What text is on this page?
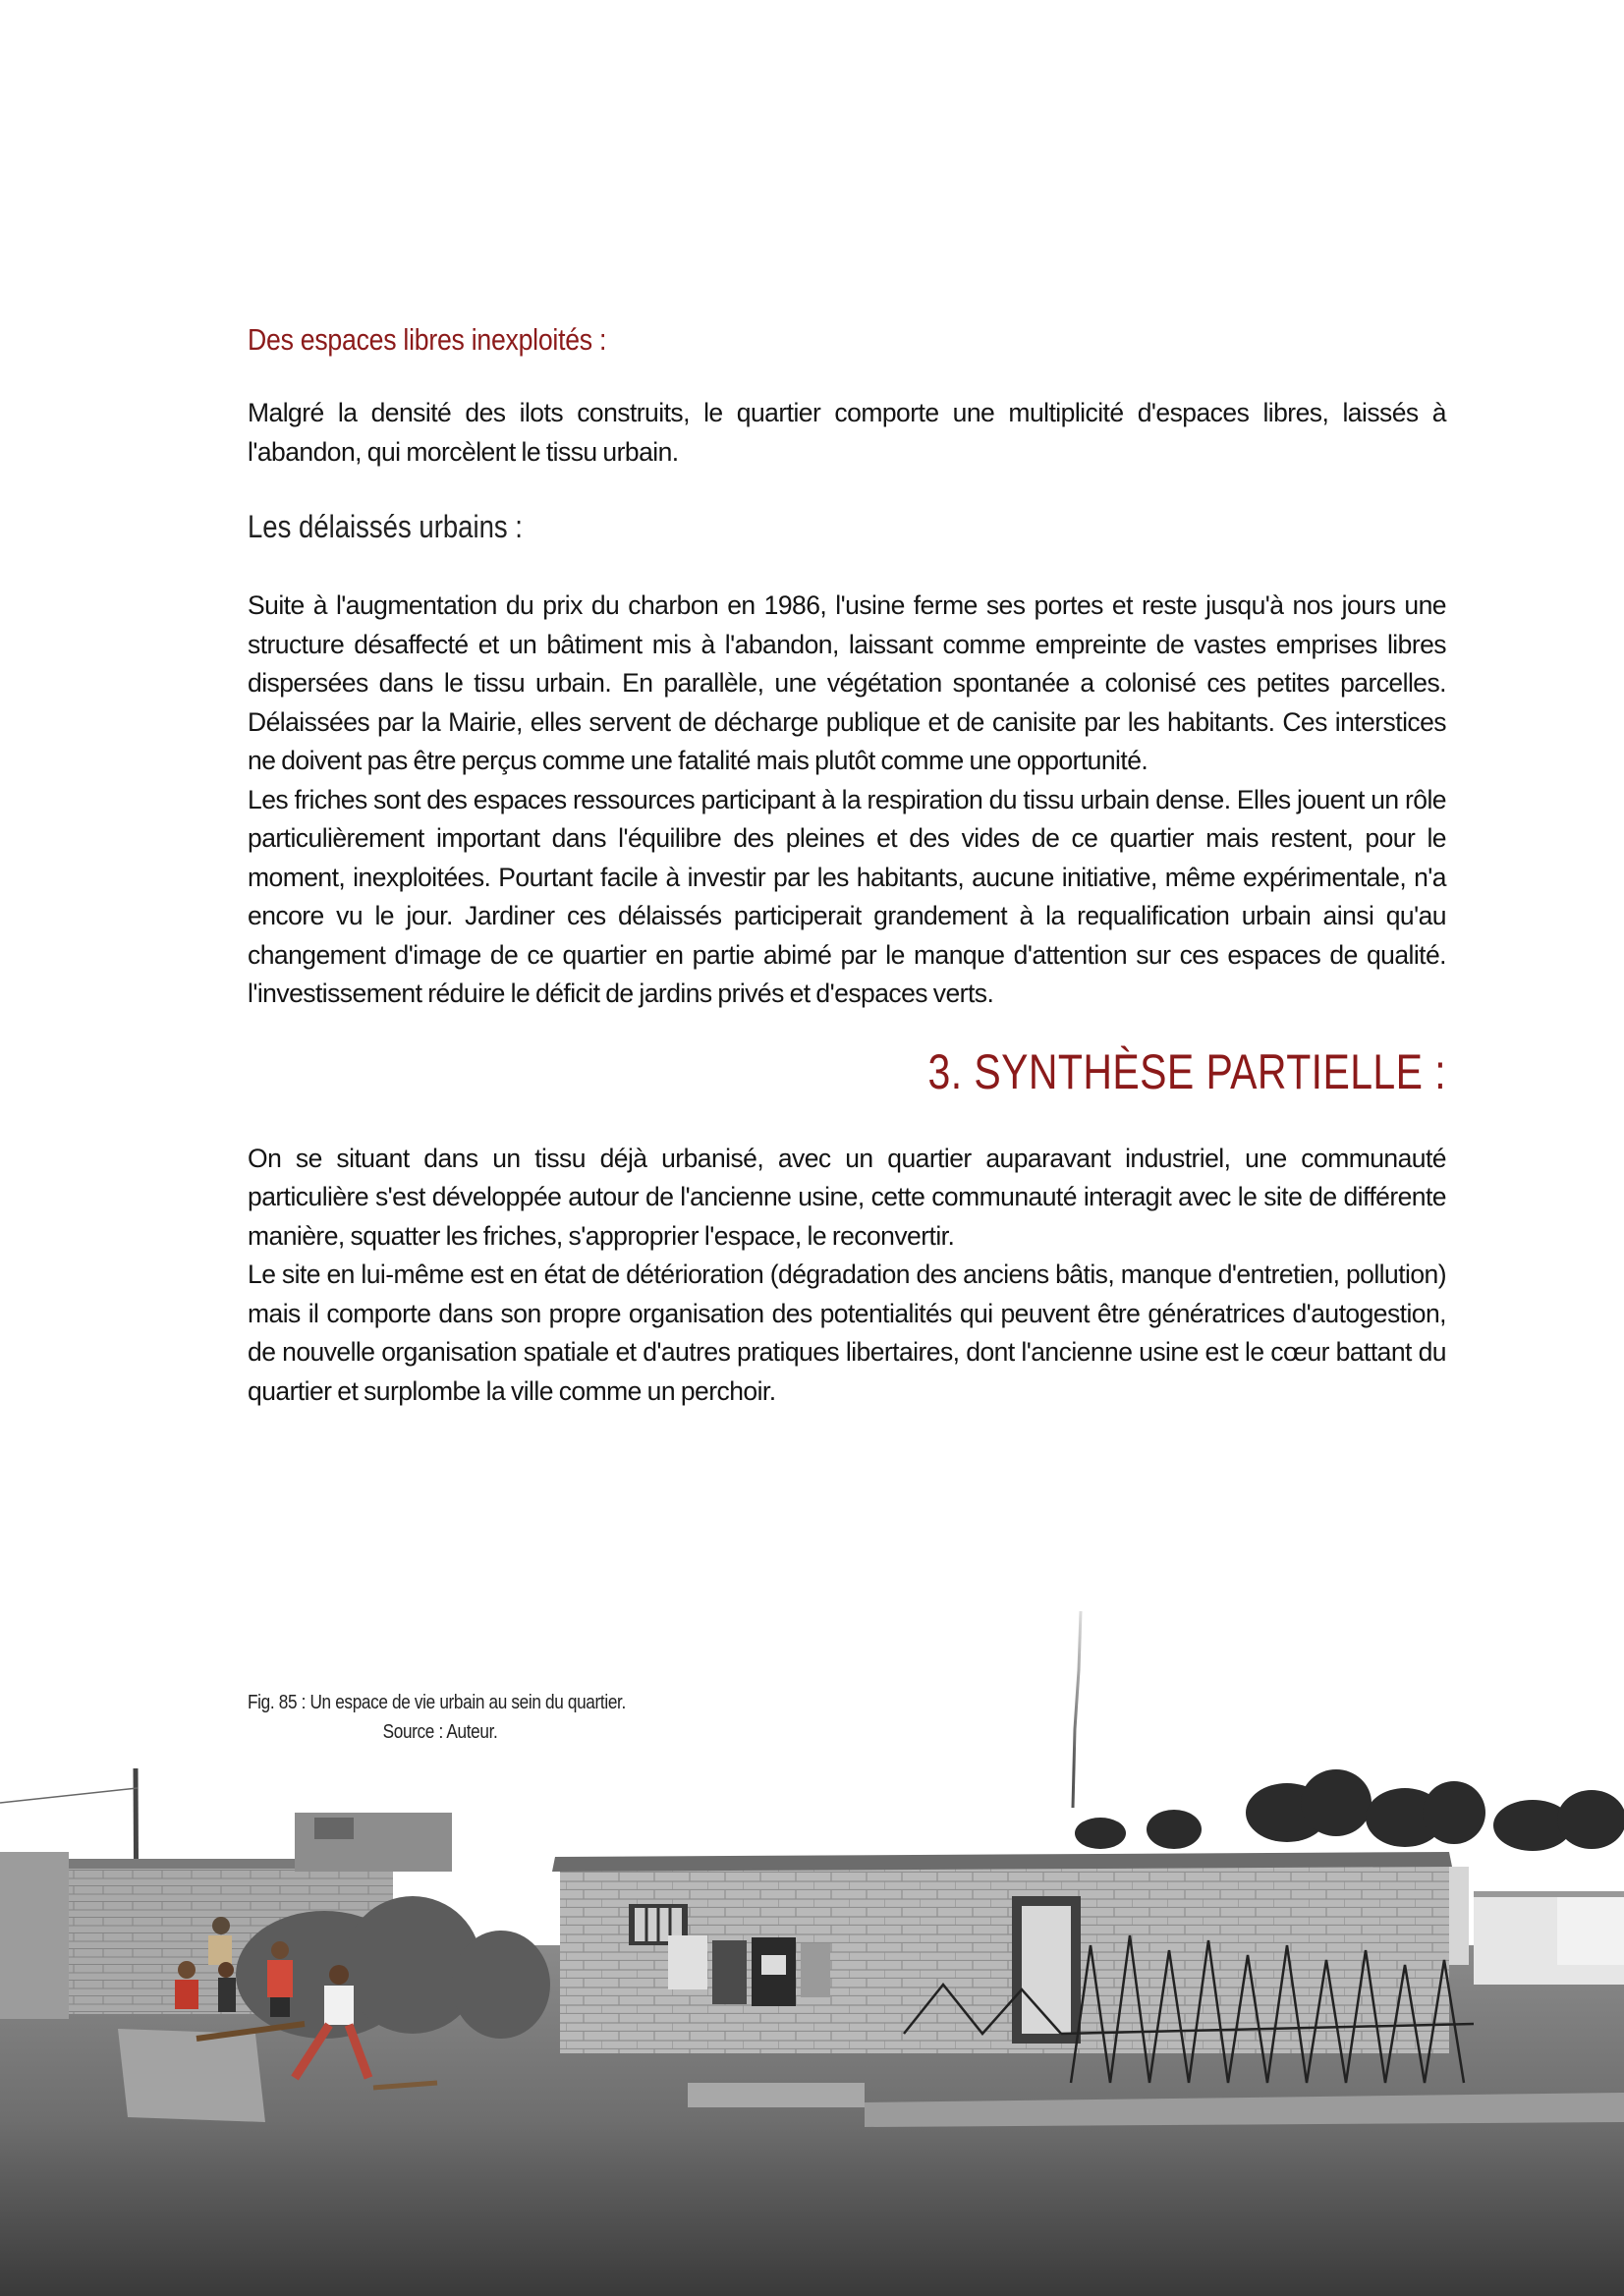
Des espaces libres inexploités :

Malgré la densité des ilots construits, le quartier comporte une multiplicité d'espaces libres, laissés à l'abandon, qui morcèlent le tissu urbain.

Les délaissés urbains :

Suite à l'augmentation du prix du charbon en 1986, l'usine ferme ses portes et reste jusqu'à nos jours une structure désaffecté et un bâtiment mis à l'abandon, laissant comme empreinte de vastes emprises libres dispersées dans le tissu urbain. En parallèle, une végétation spontanée a colonisé ces petites parcelles. Délaissées par la Mairie, elles servent de décharge publique et de canisite par les habitants. Ces interstices ne doivent pas être perçus comme une fatalité mais plutôt comme une opportunité.

Les friches sont des espaces ressources participant à la respiration du tissu urbain dense. Elles jouent un rôle particulièrement important dans l'équilibre des pleines et des vides de ce quartier mais restent, pour le moment, inexploitées. Pourtant facile à investir par les habitants, aucune initiative, même expérimentale, n'a encore vu le jour. Jardiner ces délaissés participerait grandement à la requalification urbain ainsi qu'au changement d'image de ce quartier en partie abimé par le manque d'attention sur ces espaces de qualité. l'investissement réduire le déficit de jardins privés et d'espaces verts.

3. SYNTHÈSE PARTIELLE :

On se situant dans un tissu déjà urbanisé, avec un quartier auparavant industriel, une communauté particulière s'est développée autour de l'ancienne usine, cette communauté interagit avec le site de différente manière, squatter les friches, s'approprier l'espace, le reconvertir.

Le site en lui-même est en état de détérioration (dégradation des anciens bâtis, manque d'entretien, pollution) mais il comporte dans son propre organisation des potentialités qui peuvent être génératrices d'autogestion, de nouvelle organisation spatiale et d'autres pratiques libertaires, dont l'ancienne usine est le cœur battant du quartier et surplombe la ville comme un perchoir.

Fig. 85 : Un espace de vie urbain au sein du quartier.
Source : Auteur.
